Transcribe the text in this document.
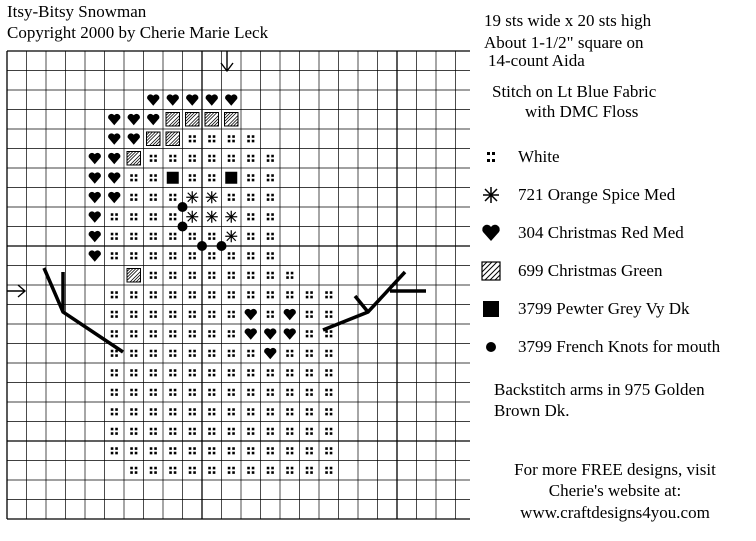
Itsy-Bitsy Snowman
Copyright 2000 by Cherie Marie Leck
19 sts wide x 20 sts high
About 1-1/2" square on
14-count Aida
Stitch on Lt Blue Fabric
with DMC Floss
White
721 Orange Spice Med
304 Christmas Red Med
699 Christmas Green
3799 Pewter Grey Vy Dk
3799 French Knots for mouth
Backstitch arms in 975 Golden
Brown Dk.
For more FREE designs, visit
Cherie's website at:
www.craftdesigns4you.com
